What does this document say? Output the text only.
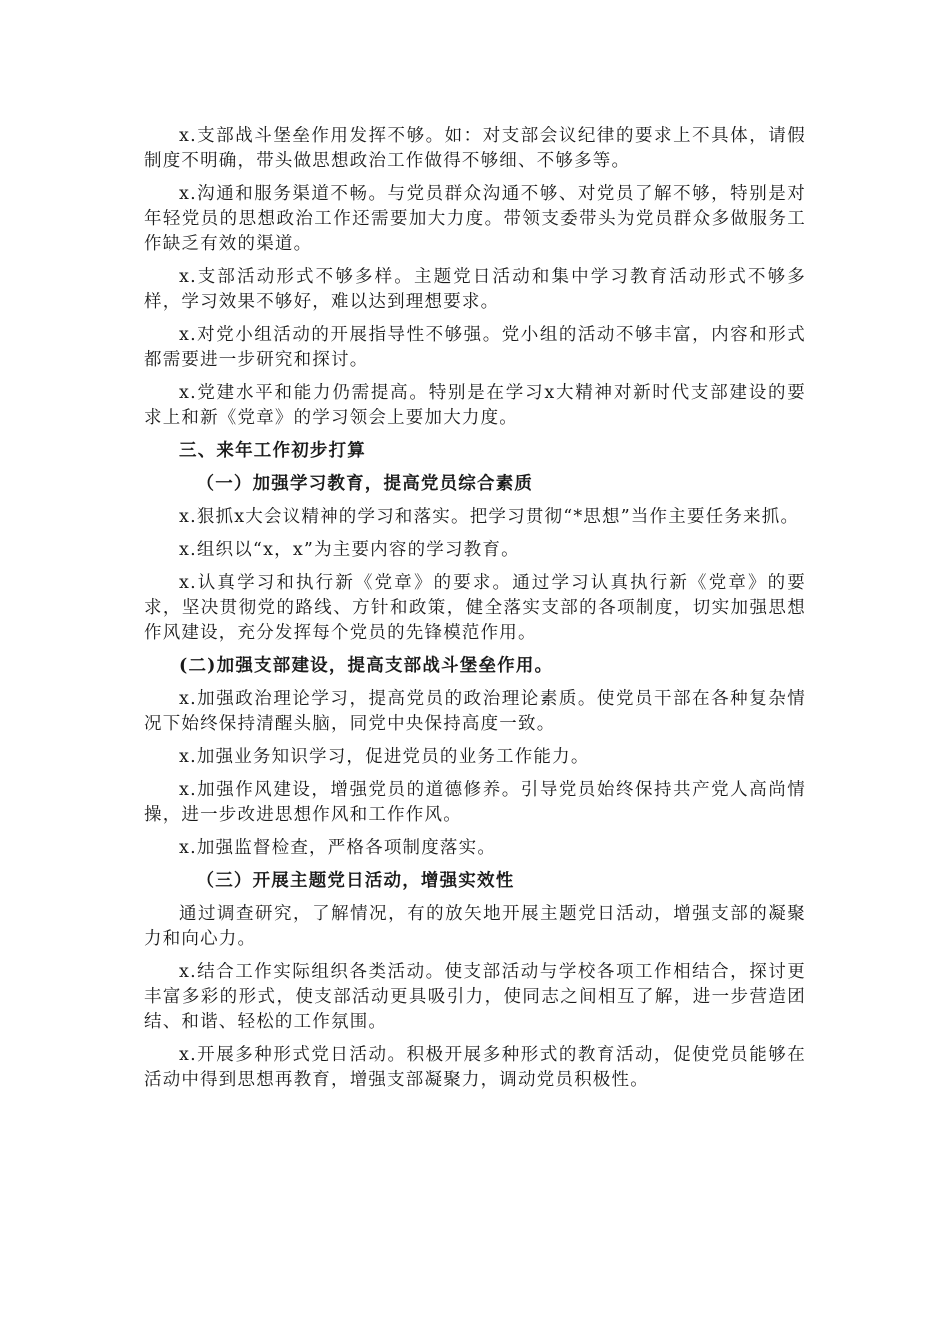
x.支部战斗堡垒作用发挥不够。如：对支部会议纪律的要求上不具体，请假制度不明确，带头做思想政治工作做得不够细、不够多等。

x.沟通和服务渠道不畅。与党员群众沟通不够、对党员了解不够，特别是对年轻党员的思想政治工作还需要加大力度。带领支委带头为党员群众多做服务工作缺乏有效的渠道。

x.支部活动形式不够多样。主题党日活动和集中学习教育活动形式不够多样，学习效果不够好，难以达到理想要求。

x.对党小组活动的开展指导性不够强。党小组的活动不够丰富，内容和形式都需要进一步研究和探讨。

x.党建水平和能力仍需提高。特别是在学习x大精神对新时代支部建设的要求上和新《党章》的学习领会上要加大力度。

三、来年工作初步打算

（一）加强学习教育，提高党员综合素质

x.狠抓x大会议精神的学习和落实。把学习贯彻“*思想”当作主要任务来抓。

x.组织以“x，x”为主要内容的学习教育。

x.认真学习和执行新《党章》的要求。通过学习认真执行新《党章》的要求，坚决贯彻党的路线、方针和政策，健全落实支部的各项制度，切实加强思想作风建设，充分发挥每个党员的先锋模范作用。

(二)加强支部建设，提高支部战斗堡垒作用。

x.加强政治理论学习，提高党员的政治理论素质。使党员干部在各种复杂情况下始终保持清醒头脑，同党中央保持高度一致。

x.加强业务知识学习，促进党员的业务工作能力。

x.加强作风建设，增强党员的道德修养。引导党员始终保持共产党人高尚情操，进一步改进思想作风和工作作风。

x.加强监督检查，严格各项制度落实。

（三）开展主题党日活动，增强实效性

通过调查研究，了解情况，有的放矢地开展主题党日活动，增强支部的凝聚力和向心力。

x.结合工作实际组织各类活动。使支部活动与学校各项工作相结合，探讨更丰富多彩的形式，使支部活动更具吸引力，使同志之间相互了解，进一步营造团结、和谐、轻松的工作氛围。

x.开展多种形式党日活动。积极开展多种形式的教育活动，促使党员能够在活动中得到思想再教育，增强支部凝聚力，调动党员积极性。
